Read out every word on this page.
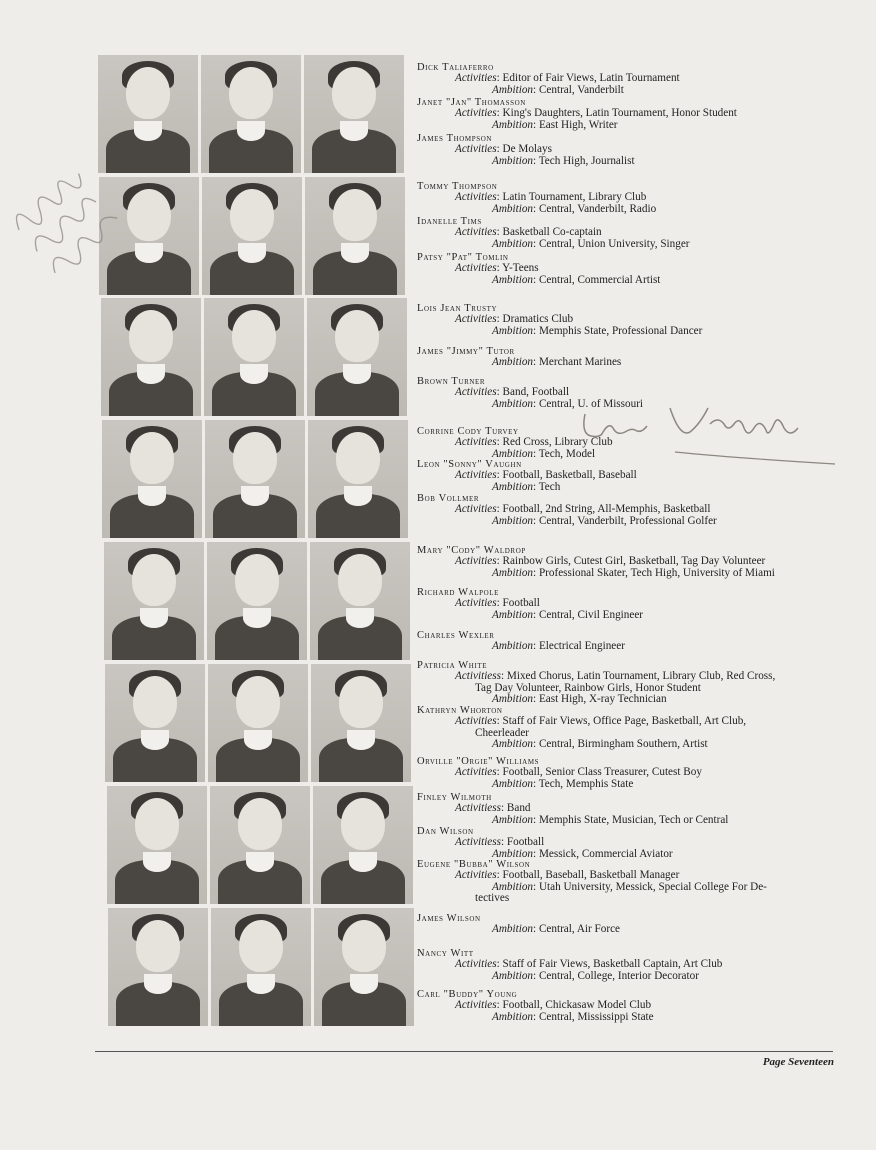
Dick Taliaferro
Activities: Editor of Fair Views, Latin Tournament
Ambition: Central, Vanderbilt
Janet "Jan" Thomasson
Activities: King's Daughters, Latin Tournament, Honor Student
Ambition: East High, Writer
James Thompson
Activities: De Molays
Ambition: Tech High, Journalist
Tommy Thompson
Activities: Latin Tournament, Library Club
Ambition: Central, Vanderbilt, Radio
Idanelle Tims
Activities: Basketball Co-captain
Ambition: Central, Union University, Singer
Patsy "Pat" Tomlin
Activities: Y-Teens
Ambition: Central, Commercial Artist
Lois Jean Trusty
Activities: Dramatics Club
Ambition: Memphis State, Professional Dancer
James "Jimmy" Tutor
Ambition: Merchant Marines
Brown Turner
Activities: Band, Football
Ambition: Central, U. of Missouri
Corrine Cody Turvey
Activities: Red Cross, Library Club
Ambition: Tech, Model
Leon "Sonny" Vaughn
Activities: Football, Basketball, Baseball
Ambition: Tech
Bob Vollmer
Activities: Football, 2nd String, All-Memphis, Basketball
Ambition: Central, Vanderbilt, Professional Golfer
Mary "Cody" Waldrop
Activities: Rainbow Girls, Cutest Girl, Basketball, Tag Day Volunteer
Ambition: Professional Skater, Tech High, University of Miami
Richard Walpole
Activities: Football
Ambition: Central, Civil Engineer
Charles Wexler
Ambition: Electrical Engineer
Patricia White
Activitiess: Mixed Chorus, Latin Tournament, Library Club, Red Cross,
Tag Day Volunteer, Rainbow Girls, Honor Student
Ambition: East High, X-ray Technician
Kathryn Whorton
Activities: Staff of Fair Views, Office Page, Basketball, Art Club,
Cheerleader
Ambition: Central, Birmingham Southern, Artist
Orville "Orgie" Williams
Activities: Football, Senior Class Treasurer, Cutest Boy
Ambition: Tech, Memphis State
Finley Wilmoth
Activitiess: Band
Ambition: Memphis State, Musician, Tech or Central
Dan Wilson
Activitiess: Football
Ambition: Messick, Commercial Aviator
Eugene "Bubba" Wilson
Activities: Football, Baseball, Basketball Manager
Ambition: Utah University, Messick, Special College For De-
tectives
James Wilson
Ambition: Central, Air Force
Nancy Witt
Activities: Staff of Fair Views, Basketball Captain, Art Club
Ambition: Central, College, Interior Decorator
Carl "Buddy" Young
Activities: Football, Chickasaw Model Club
Ambition: Central, Mississippi State
Page Seventeen
